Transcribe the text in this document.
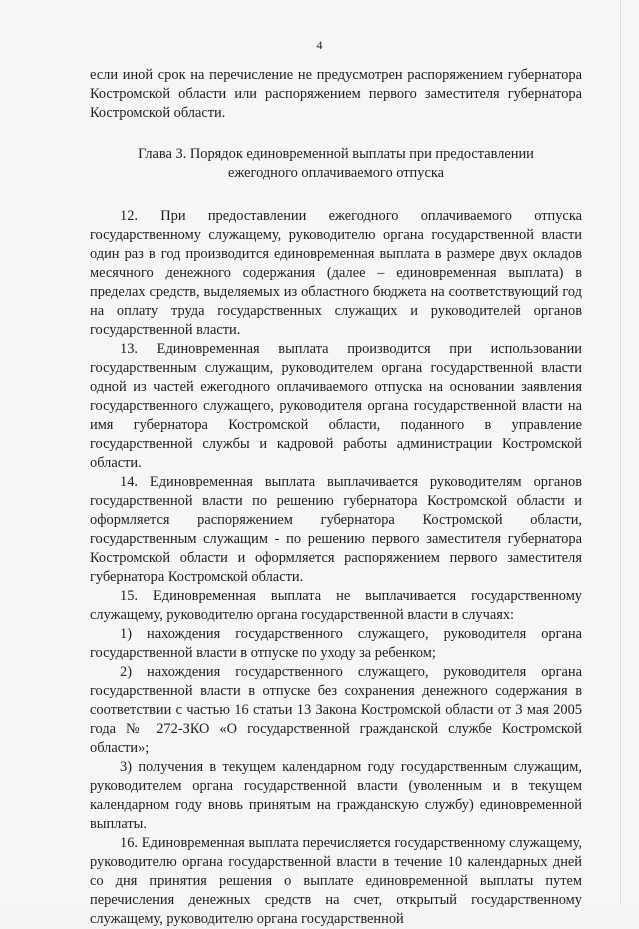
4

если иной срок на перечисление не предусмотрен распоряжением губернатора Костромской области или распоряжением первого заместителя губернатора Костромской области.

Глава 3. Порядок единовременной выплаты при предоставлении
ежегодного оплачиваемого отпуска

12. При предоставлении ежегодного оплачиваемого отпуска государственному служащему, руководителю органа государственной власти один раз в год производится единовременная выплата в размере двух окладов месячного денежного содержания (далее – единовременная выплата) в пределах средств, выделяемых из областного бюджета на соответствующий год на оплату труда государственных служащих и руководителей органов государственной власти.

13. Единовременная выплата производится при использовании государственным служащим, руководителем органа государственной власти одной из частей ежегодного оплачиваемого отпуска на основании заявления государственного служащего, руководителя органа государственной власти на имя губернатора Костромской области, поданного в управление государственной службы и кадровой работы администрации Костромской области.

14. Единовременная выплата выплачивается руководителям органов государственной власти по решению губернатора Костромской области и оформляется распоряжением губернатора Костромской области, государственным служащим - по решению первого заместителя губернатора Костромской области и оформляется распоряжением первого заместителя губернатора Костромской области.

15. Единовременная выплата не выплачивается государственному служащему, руководителю органа государственной власти в случаях:

1) нахождения государственного служащего, руководителя органа государственной власти в отпуске по уходу за ребенком;

2) нахождения государственного служащего, руководителя органа государственной власти в отпуске без сохранения денежного содержания в соответствии с частью 16 статьи 13 Закона Костромской области от 3 мая 2005 года № 272-ЗКО «О государственной гражданской службе Костромской области»;

3) получения в текущем календарном году государственным служащим, руководителем органа государственной власти (уволенным и в текущем календарном году вновь принятым на гражданскую службу) единовременной выплаты.

16. Единовременная выплата перечисляется государственному служащему, руководителю органа государственной власти в течение 10 календарных дней со дня принятия решения о выплате единовременной выплаты путем перечисления денежных средств на счет, открытый государственному служащему, руководителю органа государственной
